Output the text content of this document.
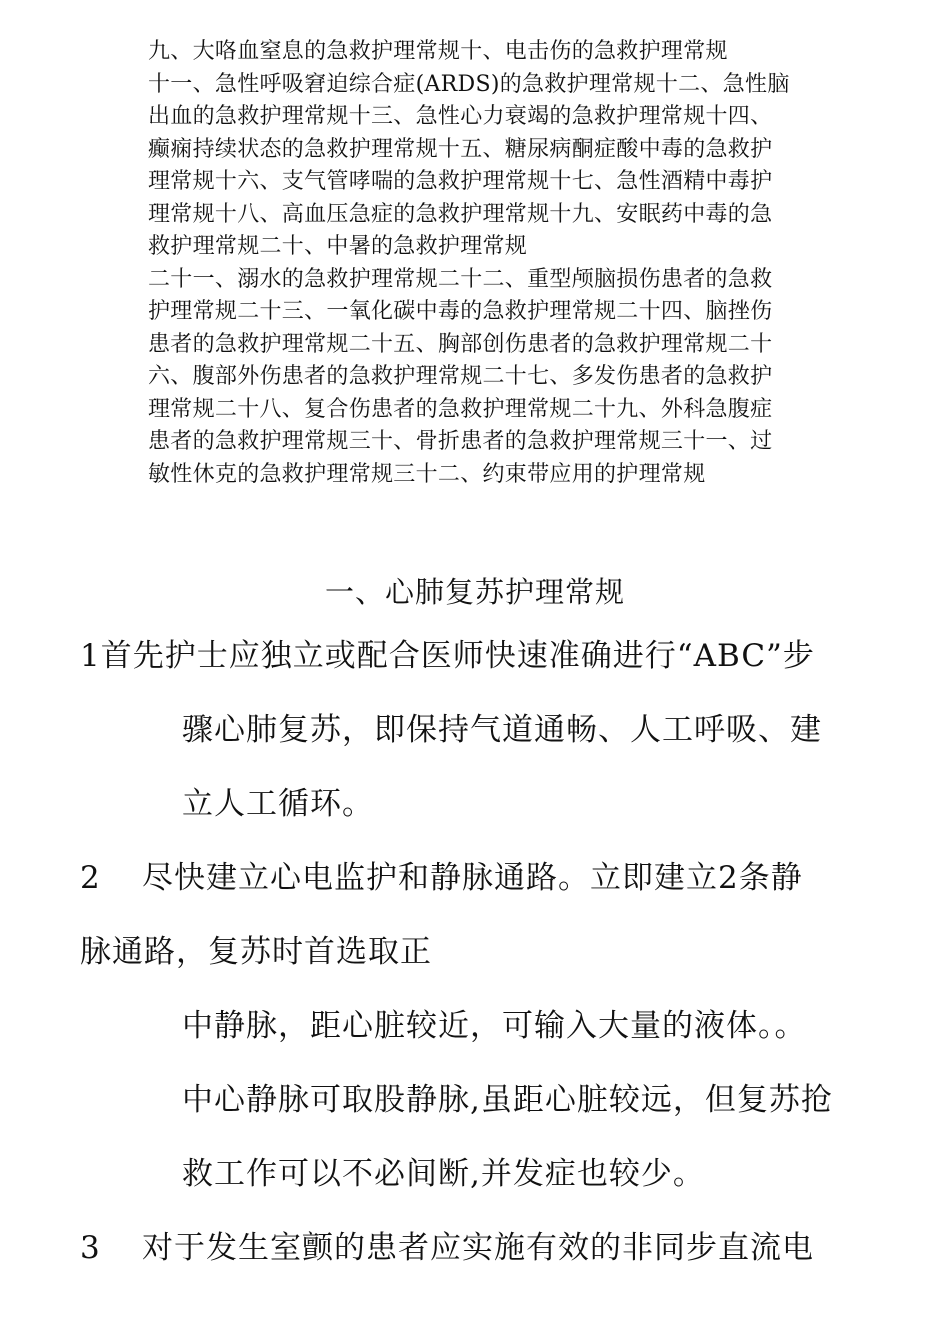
九、大咯血窒息的急救护理常规十、电击伤的急救护理常规
十一、急性呼吸窘迫综合症(ARDS)的急救护理常规十二、急性脑
出血的急救护理常规十三、急性心力衰竭的急救护理常规十四、
癫痫持续状态的急救护理常规十五、糖尿病酮症酸中毒的急救护
理常规十六、支气管哮喘的急救护理常规十七、急性酒精中毒护
理常规十八、高血压急症的急救护理常规十九、安眠药中毒的急
救护理常规二十、中暑的急救护理常规
二十一、溺水的急救护理常规二十二、重型颅脑损伤患者的急救
护理常规二十三、一氧化碳中毒的急救护理常规二十四、脑挫伤
患者的急救护理常规二十五、胸部创伤患者的急救护理常规二十
六、腹部外伤患者的急救护理常规二十七、多发伤患者的急救护
理常规二十八、复合伤患者的急救护理常规二十九、外科急腹症
患者的急救护理常规三十、骨折患者的急救护理常规三十一、过
敏性休克的急救护理常规三十二、约束带应用的护理常规
一、心肺复苏护理常规
1首先护士应独立或配合医师快速准确进行“ABC”步
骤心肺复苏，即保持气道通畅、人工呼吸、建
立人工循环。
2 尽快建立心电监护和静脉通路。立即建立2条静
脉通路，复苏时首选取正
中静脉，距心脏较近，可输入大量的液体。。
中心静脉可取股静脉,虽距心脏较远，但复苏抢
救工作可以不必间断,并发症也较少。
3 对于发生室颤的患者应实施有效的非同步直流电
